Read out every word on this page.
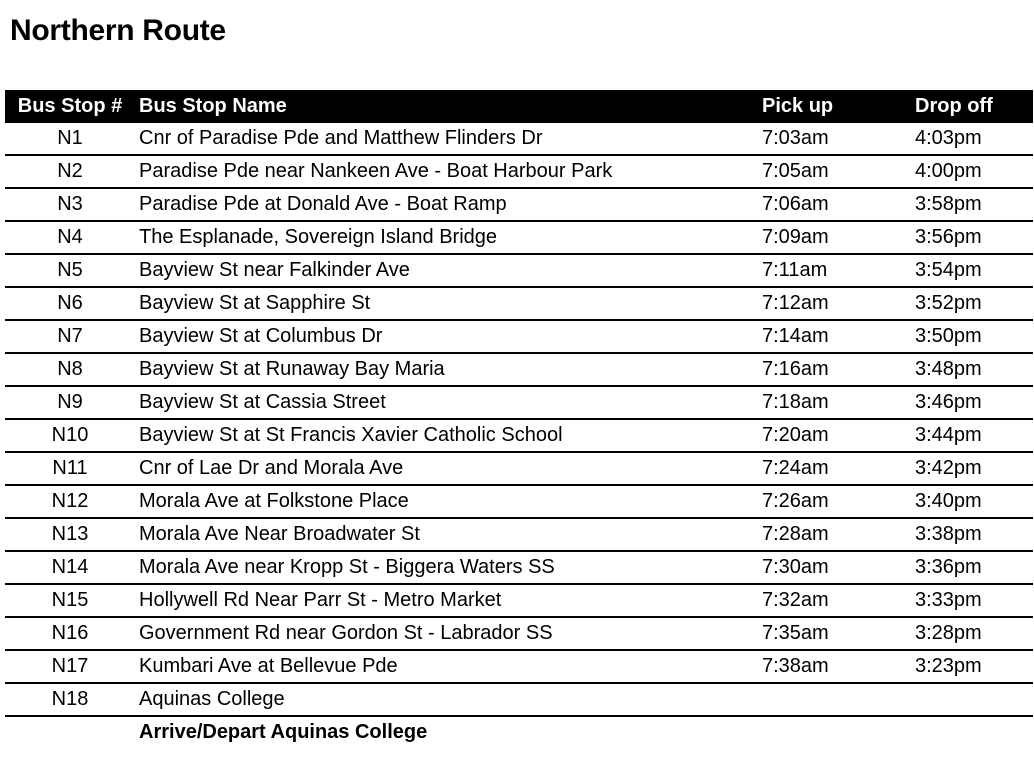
Northern Route
Bus Stop #	Bus Stop Name	Pick up	Drop off
N1	Cnr of Paradise Pde and Matthew Flinders Dr	7:03am	4:03pm
N2	Paradise Pde near Nankeen Ave - Boat Harbour Park	7:05am	4:00pm
N3	Paradise Pde at Donald Ave - Boat Ramp	7:06am	3:58pm
N4	The Esplanade, Sovereign Island Bridge	7:09am	3:56pm
N5	Bayview St near Falkinder Ave	7:11am	3:54pm
N6	Bayview St at Sapphire St	7:12am	3:52pm
N7	Bayview St at Columbus Dr	7:14am	3:50pm
N8	Bayview St at Runaway Bay Maria	7:16am	3:48pm
N9	Bayview St at Cassia Street	7:18am	3:46pm
N10	Bayview St at St Francis Xavier Catholic School	7:20am	3:44pm
N11	Cnr of Lae Dr and Morala Ave	7:24am	3:42pm
N12	Morala Ave at Folkstone Place	7:26am	3:40pm
N13	Morala Ave Near Broadwater St	7:28am	3:38pm
N14	Morala Ave near Kropp St - Biggera Waters SS	7:30am	3:36pm
N15	Hollywell Rd Near Parr St - Metro Market	7:32am	3:33pm
N16	Government Rd near Gordon St - Labrador SS	7:35am	3:28pm
N17	Kumbari Ave at Bellevue Pde	7:38am	3:23pm
N18	Aquinas College		
	Arrive/Depart Aquinas College		
